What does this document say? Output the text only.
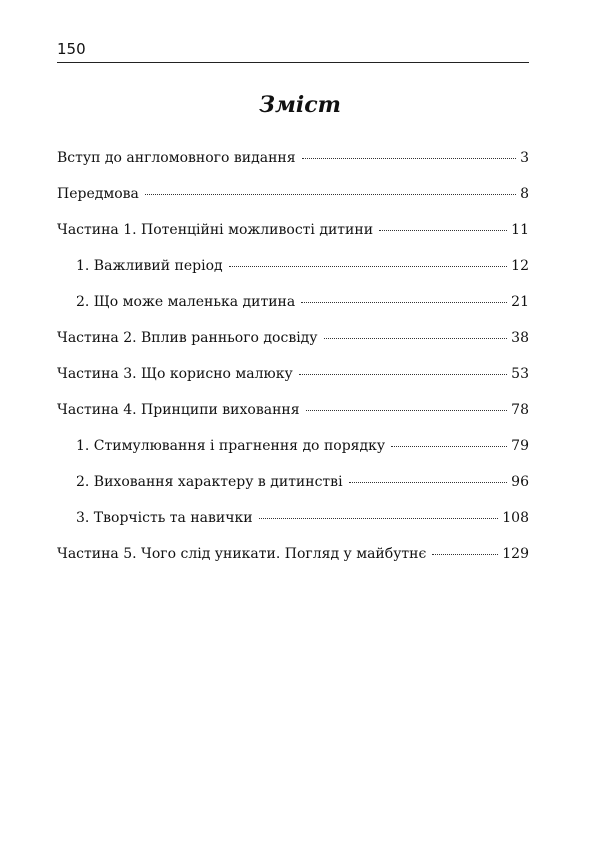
150
Зміст
Вступ до англомовного видання	3
Передмова	8
Частина 1. Потенційні можливості дитини	11
1. Важливий період	12
2. Що може маленька дитина	21
Частина 2. Вплив раннього досвіду	38
Частина 3. Що корисно малюку	53
Частина 4. Принципи виховання	78
1. Стимулювання і прагнення до порядку	79
2. Виховання характеру в дитинстві	96
3. Творчість та навички	108
Частина 5. Чого слід уникати. Погляд у майбутнє	129
